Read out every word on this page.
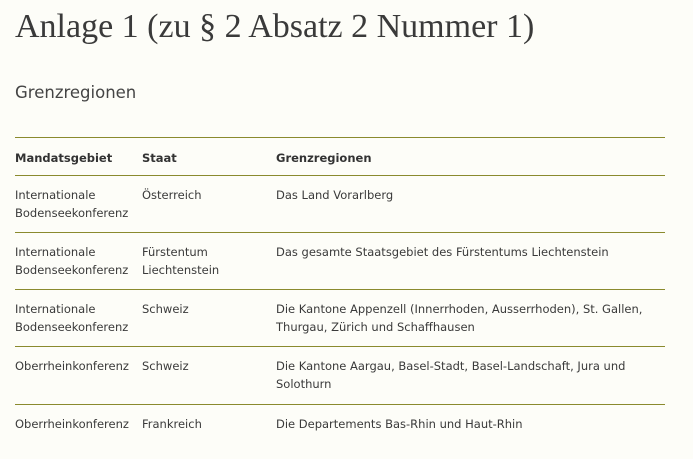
Anlage 1 (zu § 2 Absatz 2 Nummer 1)
Grenzregionen
Mandatsgebiet	Staat	Grenzregionen
Internationale Bodenseekonferenz	Österreich	Das Land Vorarlberg
Internationale Bodenseekonferenz	Fürstentum Liechtenstein	Das gesamte Staatsgebiet des Fürstentums Liechtenstein
Internationale Bodenseekonferenz	Schweiz	Die Kantone Appenzell (Innerrhoden, Ausserrhoden), St. Gallen, Thurgau, Zürich und Schaffhausen
Oberrheinkonferenz	Schweiz	Die Kantone Aargau, Basel-Stadt, Basel-Landschaft, Jura und Solothurn
Oberrheinkonferenz	Frankreich	Die Departements Bas-Rhin und Haut-Rhin
